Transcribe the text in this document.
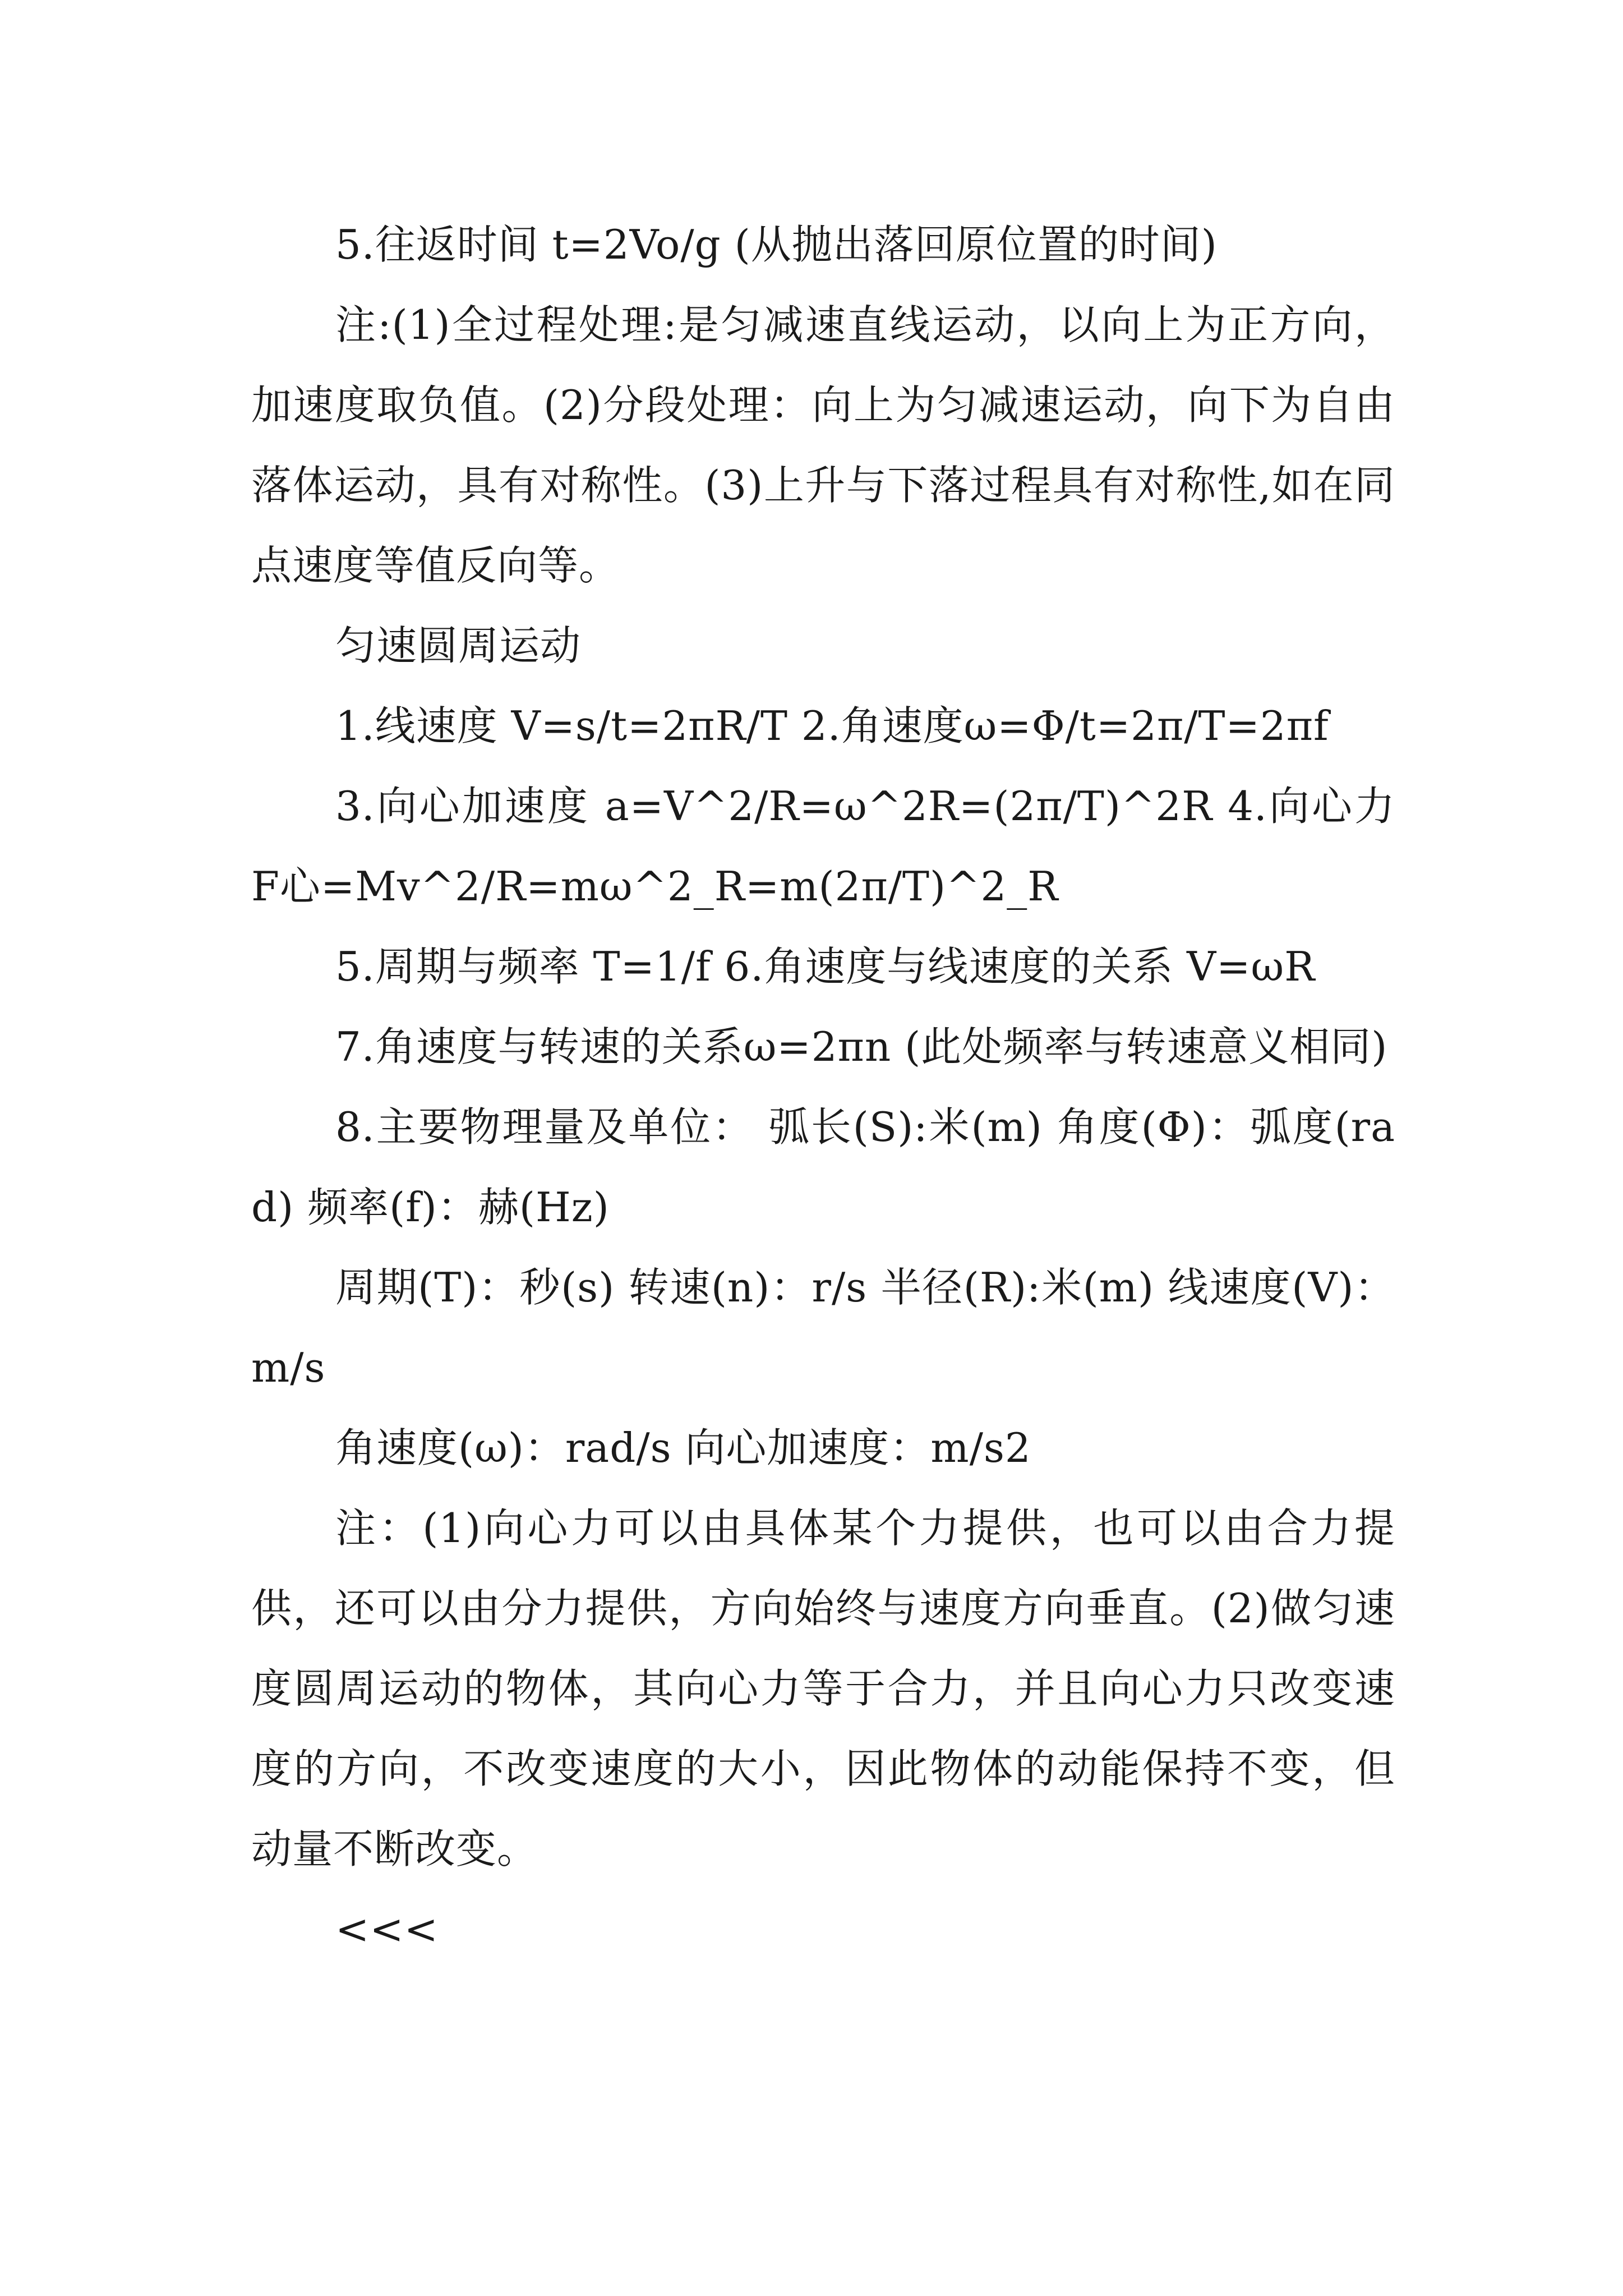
5.往返时间 t=2Vo/g (从抛出落回原位置的时间)

注:(1)全过程处理:是匀减速直线运动，以向上为正方向，加速度取负值。(2)分段处理：向上为匀减速运动，向下为自由落体运动，具有对称性。(3)上升与下落过程具有对称性,如在同点速度等值反向等。

匀速圆周运动

1.线速度 V=s/t=2πR/T 2.角速度ω=Φ/t=2π/T=2πf

3.向心加速度 a=V^2/R=ω^2R=(2π/T)^2R 4.向心力 F心=Mv^2/R=mω^2_R=m(2π/T)^2_R

5.周期与频率 T=1/f 6.角速度与线速度的关系 V=ωR

7.角速度与转速的关系ω=2πn (此处频率与转速意义相同)

8.主要物理量及单位： 弧长(S):米(m) 角度(Φ)：弧度(rad) 频率(f)：赫(Hz)

周期(T)：秒(s) 转速(n)：r/s 半径(R):米(m) 线速度(V)：m/s

角速度(ω)：rad/s 向心加速度：m/s2

注：(1)向心力可以由具体某个力提供，也可以由合力提供，还可以由分力提供，方向始终与速度方向垂直。(2)做匀速度圆周运动的物体，其向心力等于合力，并且向心力只改变速度的方向，不改变速度的大小，因此物体的动能保持不变，但动量不断改变。

<<<
